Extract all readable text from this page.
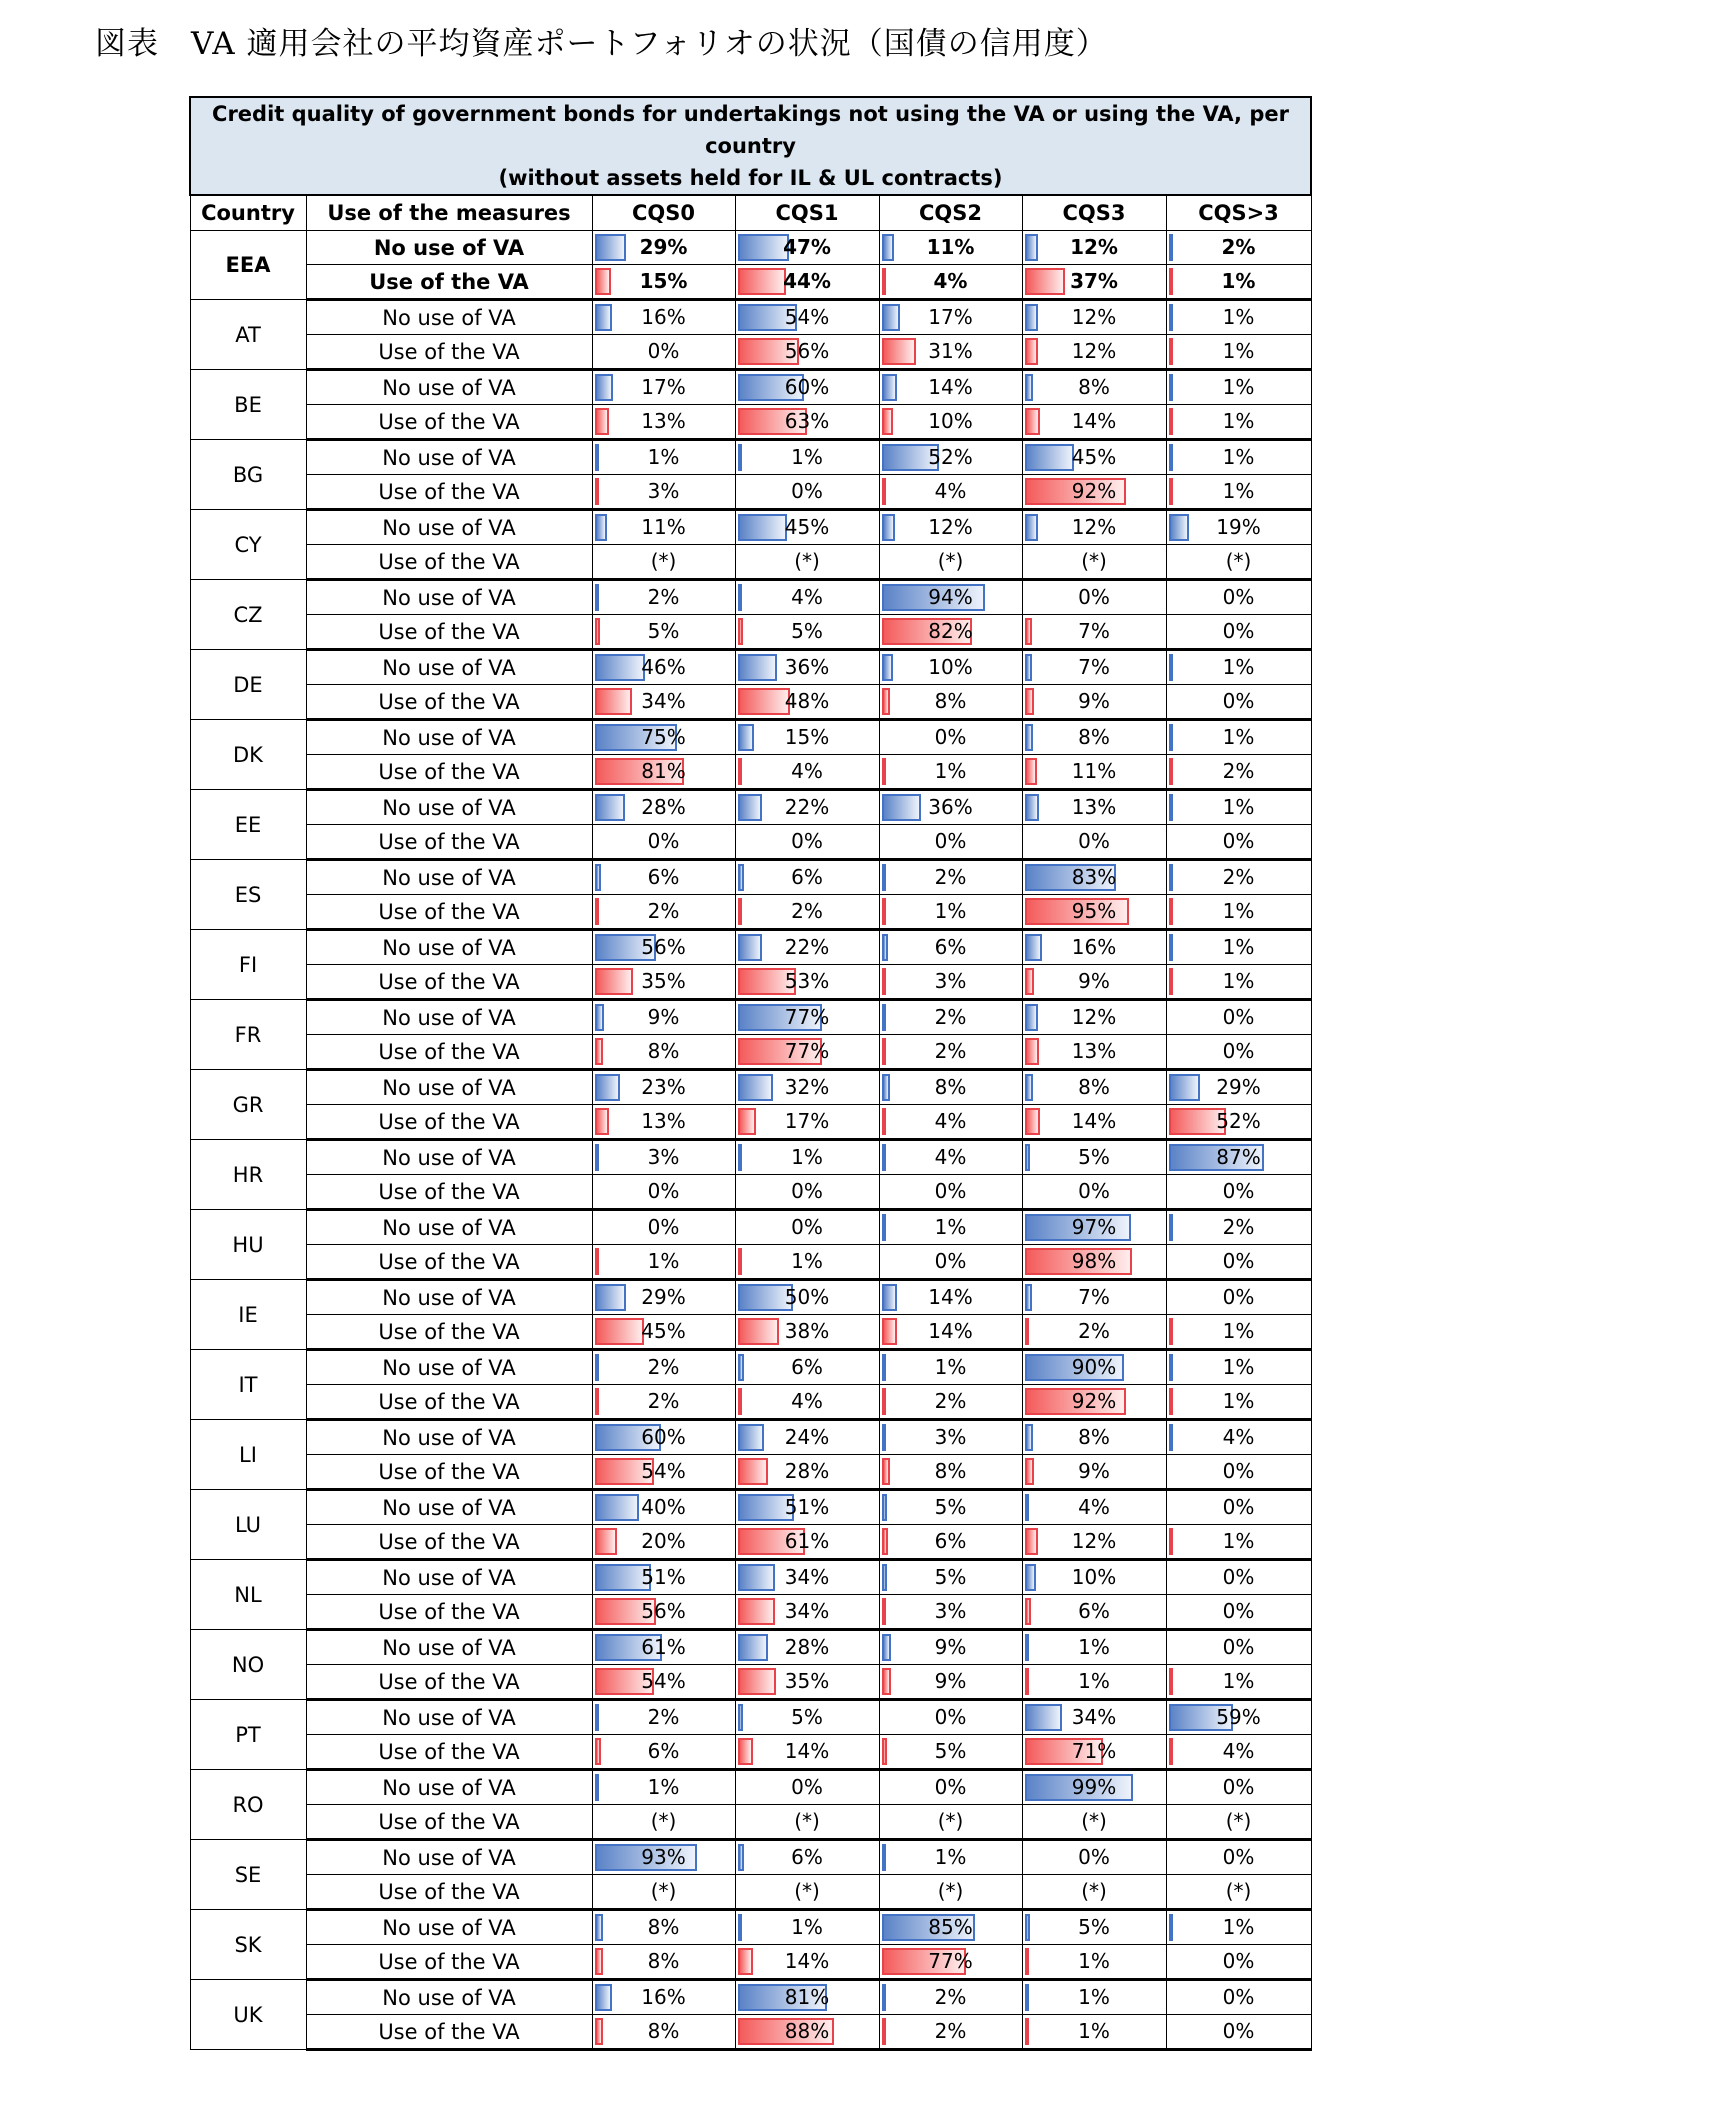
図表　VA 適用会社の平均資産ポートフォリオの状況（国債の信用度）
Credit quality of government bonds for undertakings not using the VA or using the VA, per country
(without assets held for IL & UL contracts)						

Country	Use of the measures	CQS0	CQS1	CQS2	CQS3	CQS>3
EEA	No use of VA	29%	47%	11%	12%	2%

	Use of the VA	15%	44%	4%	37%	1%

AT	No use of VA	16%	54%	17%	12%	1%

	Use of the VA	0%	56%	31%	12%	1%

BE	No use of VA	17%	60%	14%	8%	1%

	Use of the VA	13%	63%	10%	14%	1%

BG	No use of VA	1%	1%	52%	45%	1%

	Use of the VA	3%	0%	4%	92%	1%

CY	No use of VA	11%	45%	12%	12%	19%

	Use of the VA	(*)	(*)	(*)	(*)	(*)

CZ	No use of VA	2%	4%	94%	0%	0%

	Use of the VA	5%	5%	82%	7%	0%

DE	No use of VA	46%	36%	10%	7%	1%

	Use of the VA	34%	48%	8%	9%	0%

DK	No use of VA	75%	15%	0%	8%	1%

	Use of the VA	81%	4%	1%	11%	2%

EE	No use of VA	28%	22%	36%	13%	1%

	Use of the VA	0%	0%	0%	0%	0%

ES	No use of VA	6%	6%	2%	83%	2%

	Use of the VA	2%	2%	1%	95%	1%

FI	No use of VA	56%	22%	6%	16%	1%

	Use of the VA	35%	53%	3%	9%	1%

FR	No use of VA	9%	77%	2%	12%	0%

	Use of the VA	8%	77%	2%	13%	0%

GR	No use of VA	23%	32%	8%	8%	29%

	Use of the VA	13%	17%	4%	14%	52%

HR	No use of VA	3%	1%	4%	5%	87%

	Use of the VA	0%	0%	0%	0%	0%

HU	No use of VA	0%	0%	1%	97%	2%

	Use of the VA	1%	1%	0%	98%	0%

IE	No use of VA	29%	50%	14%	7%	0%

	Use of the VA	45%	38%	14%	2%	1%

IT	No use of VA	2%	6%	1%	90%	1%

	Use of the VA	2%	4%	2%	92%	1%

LI	No use of VA	60%	24%	3%	8%	4%

	Use of the VA	54%	28%	8%	9%	0%

LU	No use of VA	40%	51%	5%	4%	0%

	Use of the VA	20%	61%	6%	12%	1%

NL	No use of VA	51%	34%	5%	10%	0%

	Use of the VA	56%	34%	3%	6%	0%

NO	No use of VA	61%	28%	9%	1%	0%

	Use of the VA	54%	35%	9%	1%	1%

PT	No use of VA	2%	5%	0%	34%	59%

	Use of the VA	6%	14%	5%	71%	4%

RO	No use of VA	1%	0%	0%	99%	0%

	Use of the VA	(*)	(*)	(*)	(*)	(*)

SE	No use of VA	93%	6%	1%	0%	0%

	Use of the VA	(*)	(*)	(*)	(*)	(*)

SK	No use of VA	8%	1%	85%	5%	1%

	Use of the VA	8%	14%	77%	1%	0%

UK	No use of VA	16%	81%	2%	1%	0%

	Use of the VA	8%	88%	2%	1%	0%
